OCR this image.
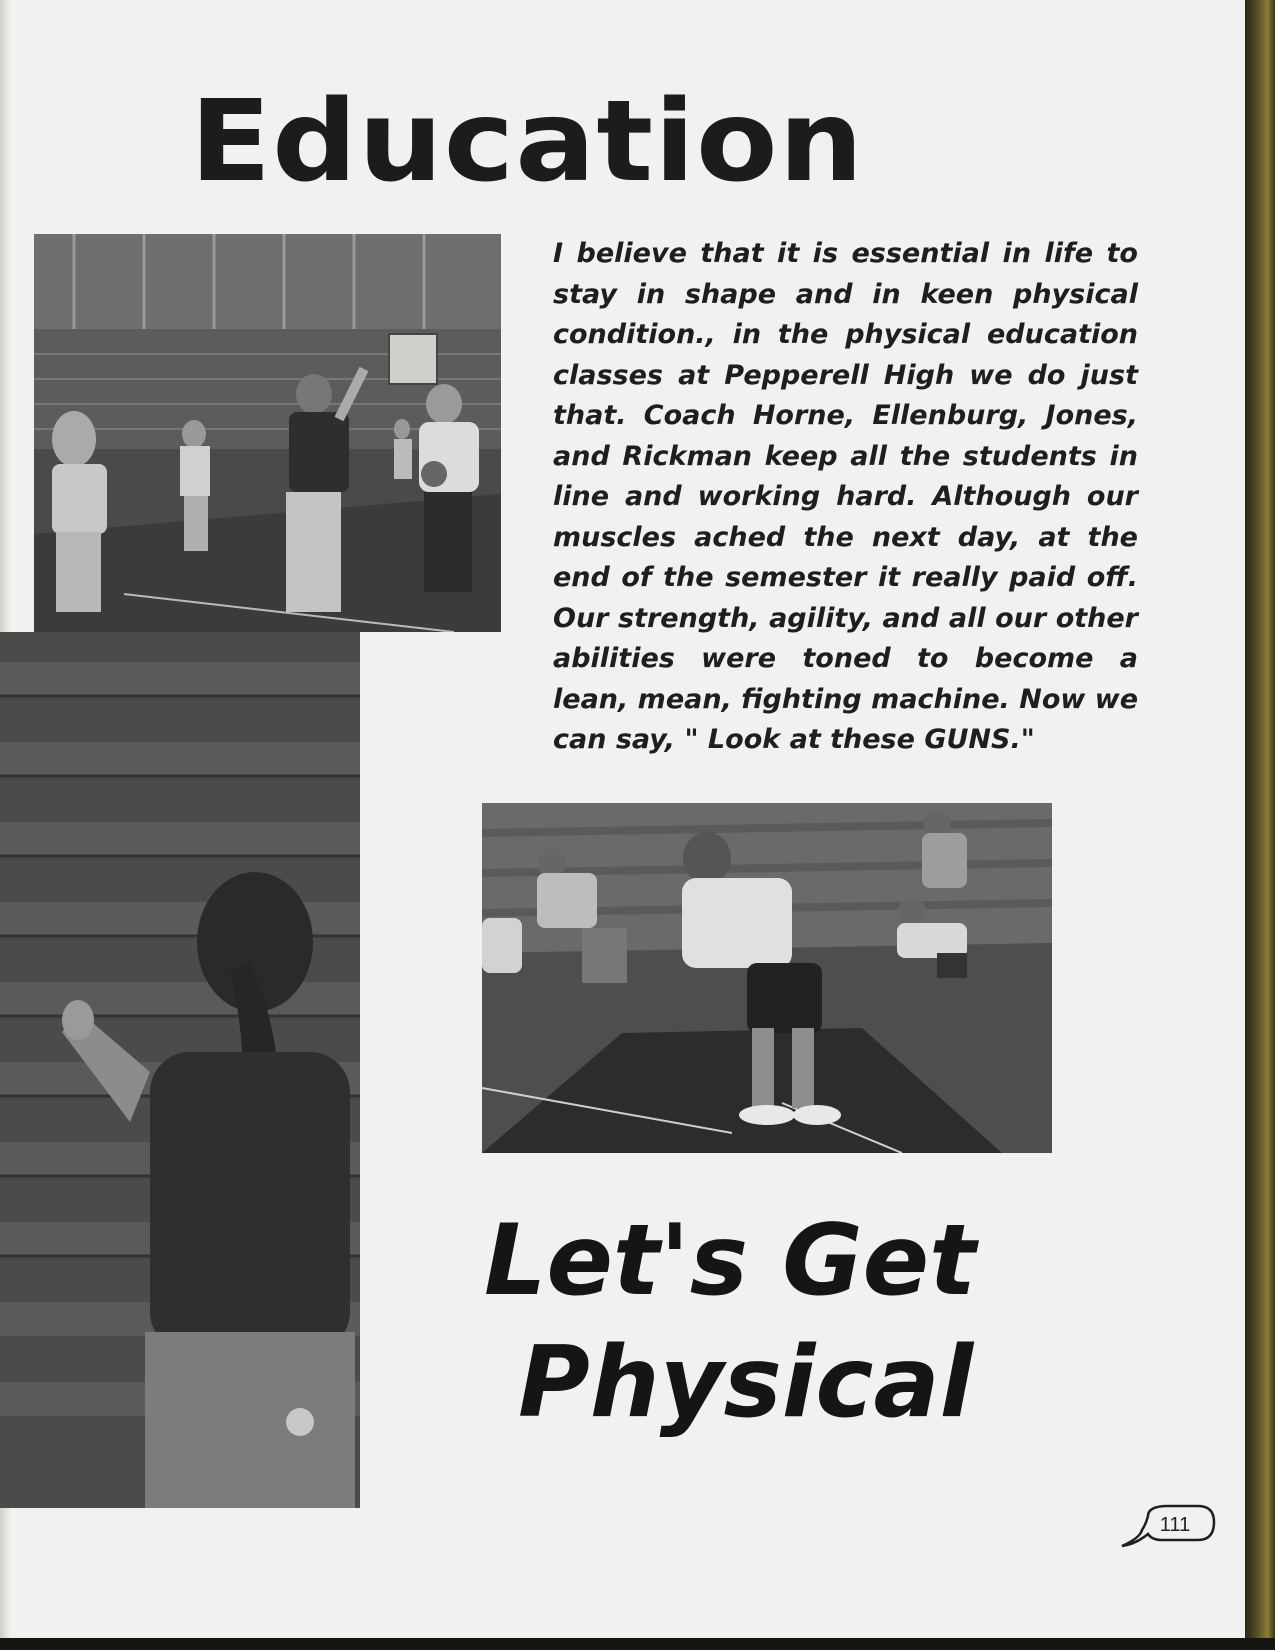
Education

I believe that it is essential in life to stay in shape and in keen physical condition., in the physical education classes at Pepperell High we do just that. Coach Horne, Ellenburg, Jones, and Rickman keep all the students in line and working hard. Although our muscles ached the next day, at the end of the semester it really paid off. Our strength, agility, and all our other abilities were toned to become a lean, mean, fighting machine. Now we can say, " Look at these GUNS."

Let's Get
Physical

111
